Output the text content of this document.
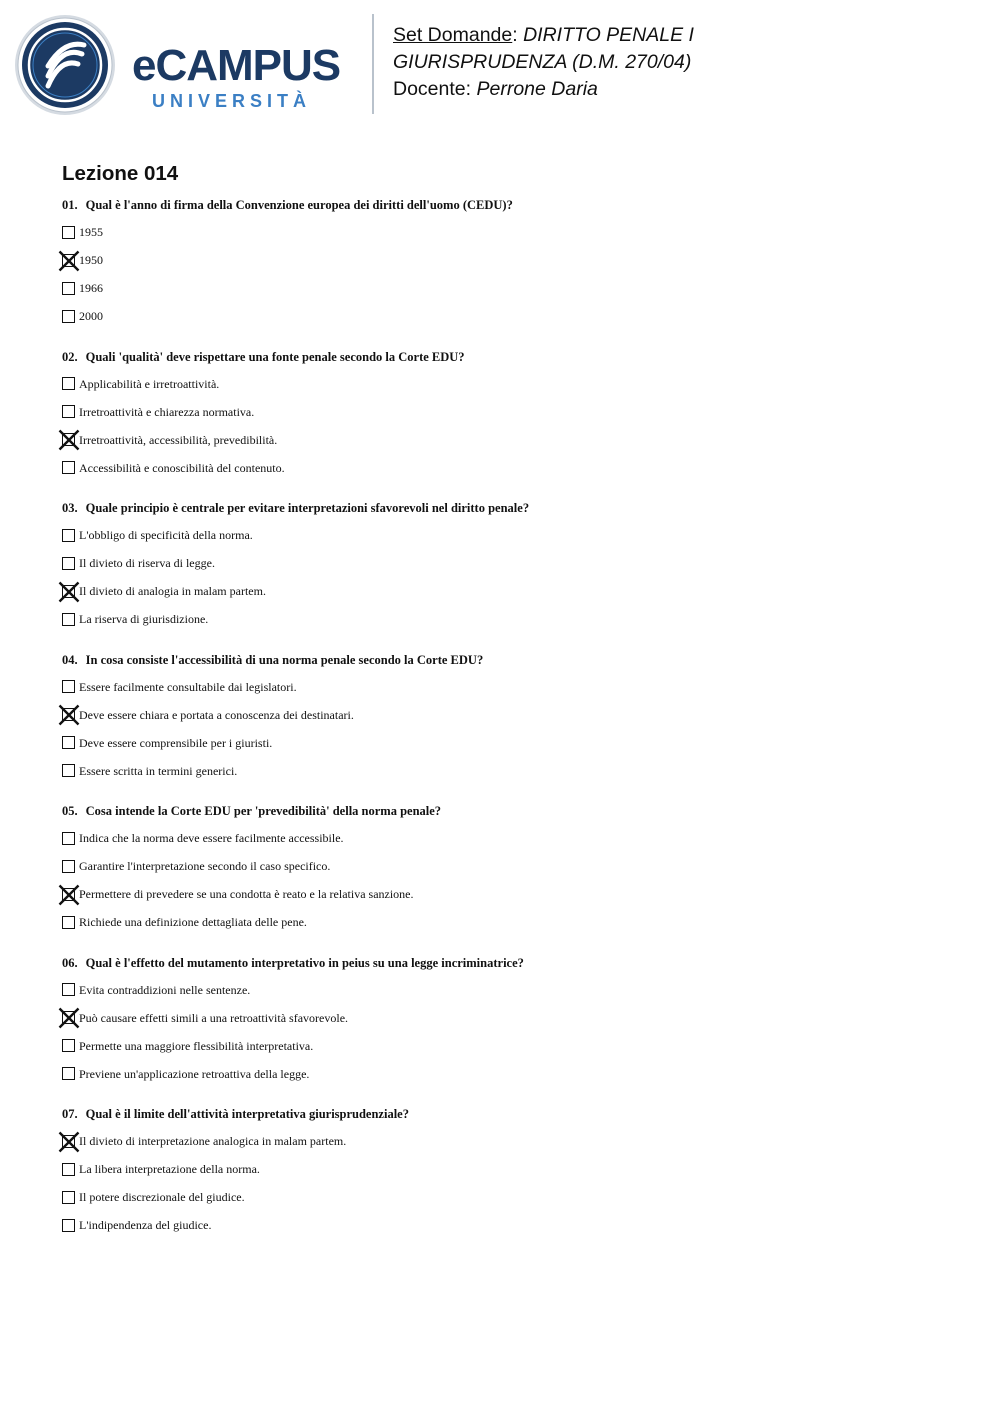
eCAMPUS
UNIVERSITÀ
Set Domande: DIRITTO PENALE I
GIURISPRUDENZA (D.M. 270/04)
Docente: Perrone Daria
Lezione 014
01. Qual è l'anno di firma della Convenzione europea dei diritti dell'uomo (CEDU)?
1955
1950
1966
2000
02. Quali 'qualità' deve rispettare una fonte penale secondo la Corte EDU?
Applicabilità e irretroattività.
Irretroattività e chiarezza normativa.
Irretroattività, accessibilità, prevedibilità.
Accessibilità e conoscibilità del contenuto.
03. Quale principio è centrale per evitare interpretazioni sfavorevoli nel diritto penale?
L'obbligo di specificità della norma.
Il divieto di riserva di legge.
Il divieto di analogia in malam partem.
La riserva di giurisdizione.
04. In cosa consiste l'accessibilità di una norma penale secondo la Corte EDU?
Essere facilmente consultabile dai legislatori.
Deve essere chiara e portata a conoscenza dei destinatari.
Deve essere comprensibile per i giuristi.
Essere scritta in termini generici.
05. Cosa intende la Corte EDU per 'prevedibilità' della norma penale?
Indica che la norma deve essere facilmente accessibile.
Garantire l'interpretazione secondo il caso specifico.
Permettere di prevedere se una condotta è reato e la relativa sanzione.
Richiede una definizione dettagliata delle pene.
06. Qual è l'effetto del mutamento interpretativo in peius su una legge incriminatrice?
Evita contraddizioni nelle sentenze.
Può causare effetti simili a una retroattività sfavorevole.
Permette una maggiore flessibilità interpretativa.
Previene un'applicazione retroattiva della legge.
07. Qual è il limite dell'attività interpretativa giurisprudenziale?
Il divieto di interpretazione analogica in malam partem.
La libera interpretazione della norma.
Il potere discrezionale del giudice.
L'indipendenza del giudice.
